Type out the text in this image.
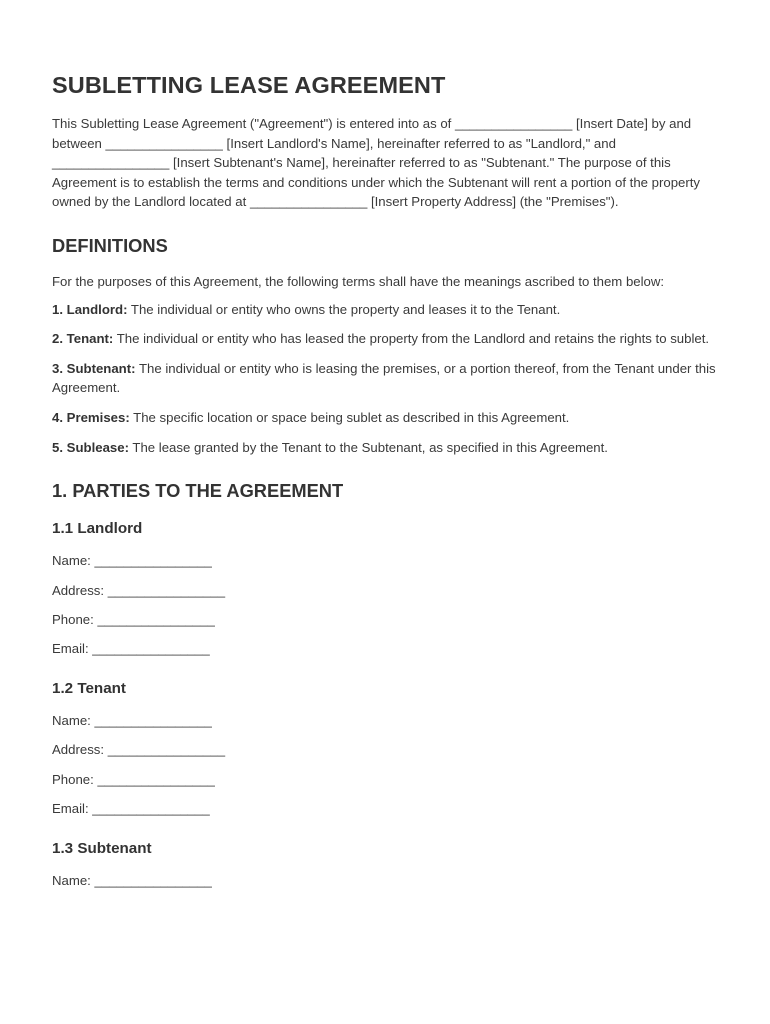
SUBLETTING LEASE AGREEMENT

This Subletting Lease Agreement ("Agreement") is entered into as of ________________ [Insert Date] by and between ________________ [Insert Landlord's Name], hereinafter referred to as "Landlord," and ________________ [Insert Subtenant's Name], hereinafter referred to as "Subtenant." The purpose of this Agreement is to establish the terms and conditions under which the Subtenant will rent a portion of the property owned by the Landlord located at ________________ [Insert Property Address] (the "Premises").

DEFINITIONS

For the purposes of this Agreement, the following terms shall have the meanings ascribed to them below:

1. Landlord: The individual or entity who owns the property and leases it to the Tenant.

2. Tenant: The individual or entity who has leased the property from the Landlord and retains the rights to sublet.

3. Subtenant: The individual or entity who is leasing the premises, or a portion thereof, from the Tenant under this Agreement.

4. Premises: The specific location or space being sublet as described in this Agreement.

5. Sublease: The lease granted by the Tenant to the Subtenant, as specified in this Agreement.

1. PARTIES TO THE AGREEMENT
1.1 Landlord
Name: ________________
Address: ________________
Phone: ________________
Email: ________________
1.2 Tenant
Name: ________________
Address: ________________
Phone: ________________
Email: ________________
1.3 Subtenant
Name: ________________
